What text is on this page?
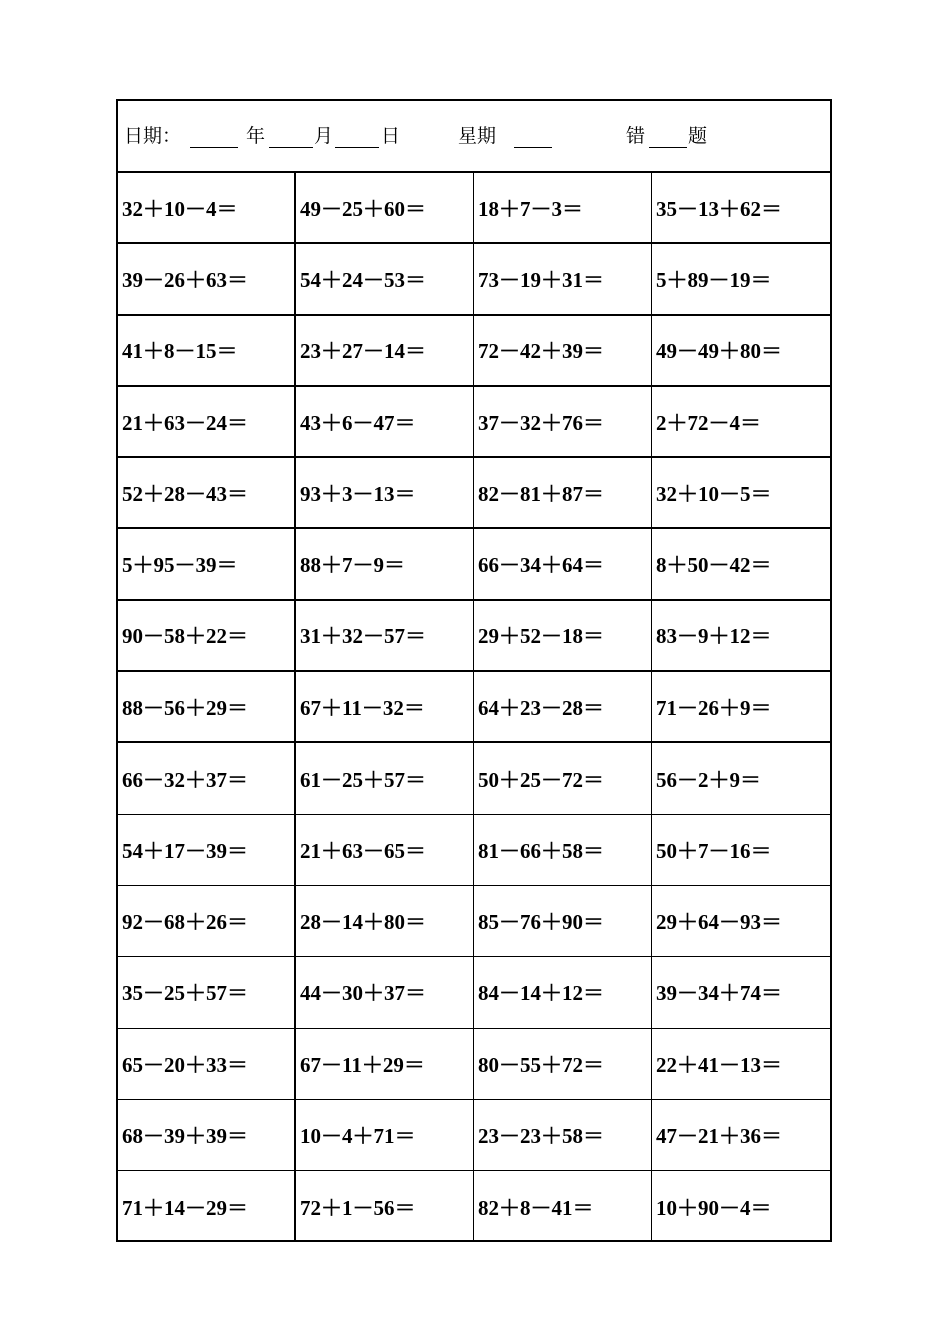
日期：	年	月	日	星期	错 题
32＋10－4＝	49－25＋60＝	18＋7－3＝	35－13＋62＝
39－26＋63＝	54＋24－53＝	73－19＋31＝	5＋89－19＝
41＋8－15＝	23＋27－14＝	72－42＋39＝	49－49＋80＝
21＋63－24＝	43＋6－47＝	37－32＋76＝	2＋72－4＝
52＋28－43＝	93＋3－13＝	82－81＋87＝	32＋10－5＝
5＋95－39＝	88＋7－9＝	66－34＋64＝	8＋50－42＝
90－58＋22＝	31＋32－57＝	29＋52－18＝	83－9＋12＝
88－56＋29＝	67＋11－32＝	64＋23－28＝	71－26＋9＝
66－32＋37＝	61－25＋57＝	50＋25－72＝	56－2＋9＝
54＋17－39＝	21＋63－65＝	81－66＋58＝	50＋7－16＝
92－68＋26＝	28－14＋80＝	85－76＋90＝	29＋64－93＝
35－25＋57＝	44－30＋37＝	84－14＋12＝	39－34＋74＝
65－20＋33＝	67－11＋29＝	80－55＋72＝	22＋41－13＝
68－39＋39＝	10－4＋71＝	23－23＋58＝	47－21＋36＝
71＋14－29＝	72＋1－56＝	82＋8－41＝	10＋90－4＝
